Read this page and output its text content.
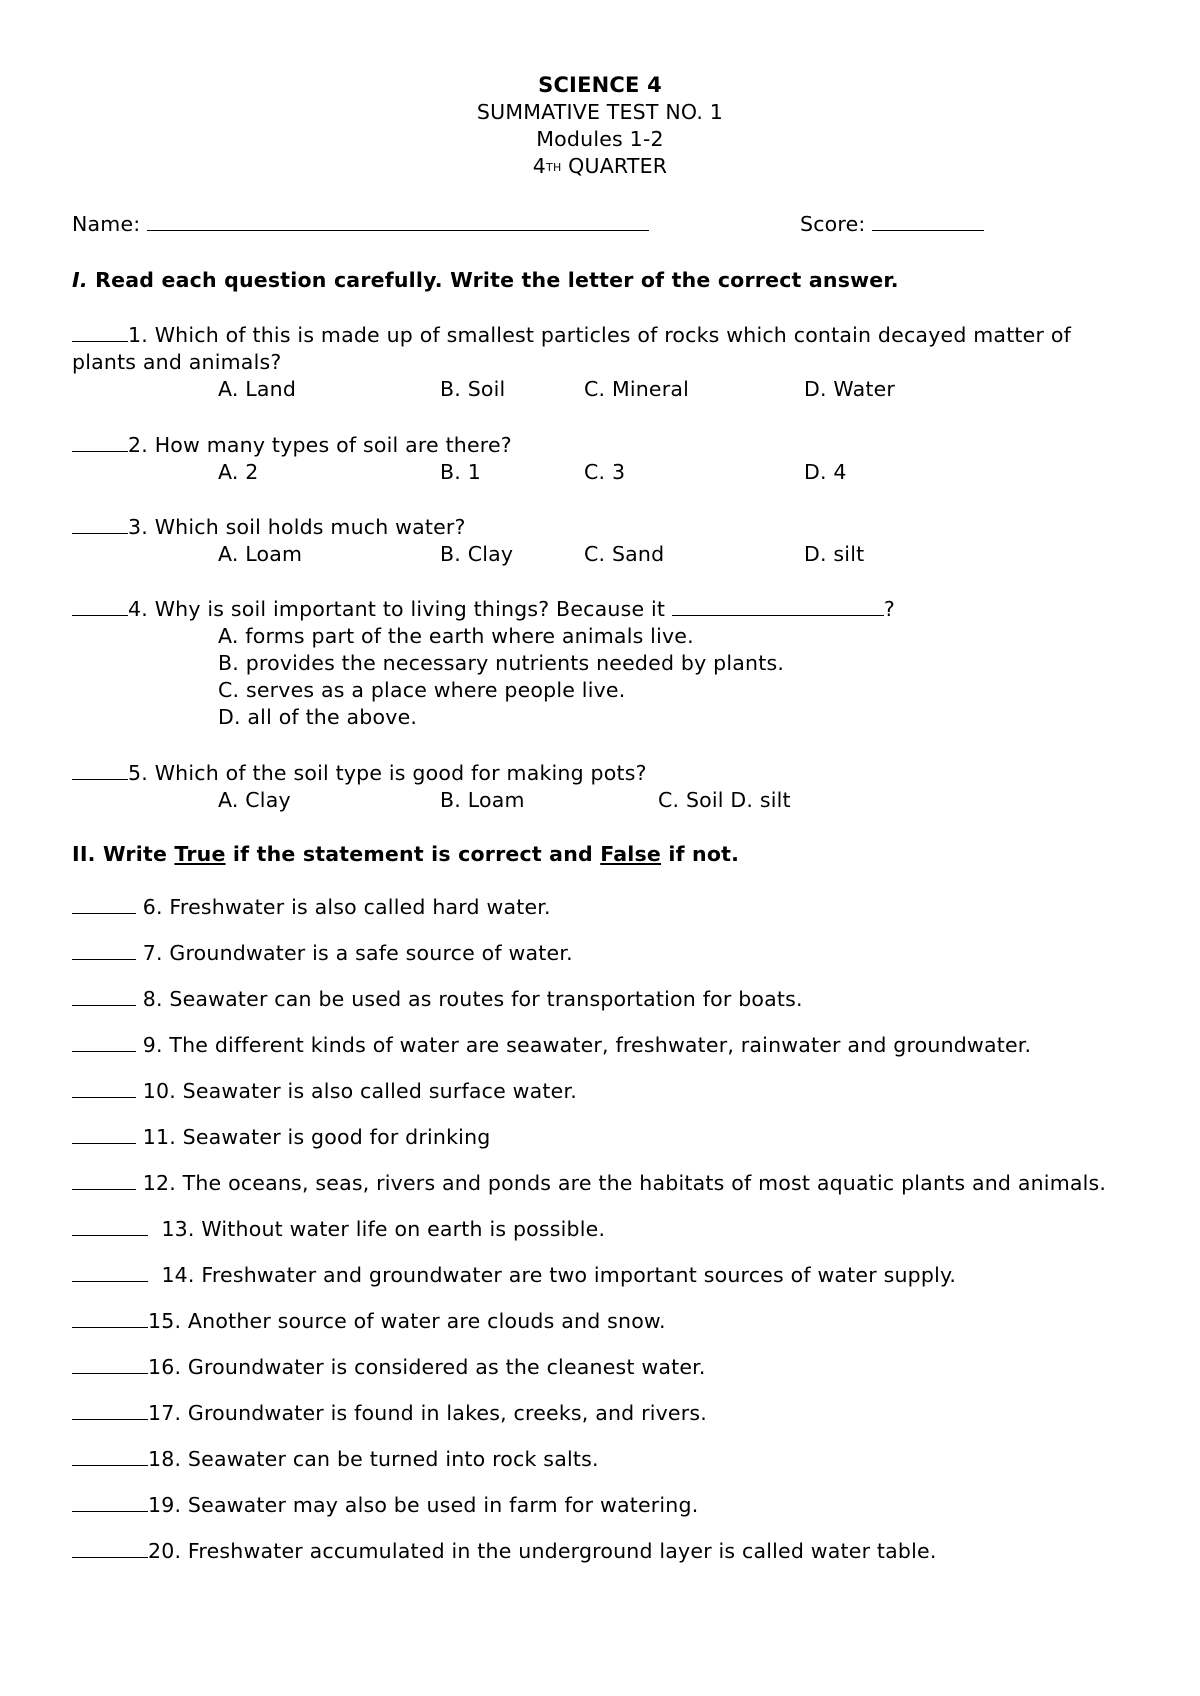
SCIENCE 4
SUMMATIVE TEST NO. 1
Modules 1-2
4TH QUARTER
Name:	Score:
I. Read each question carefully. Write the letter of the correct answer.
1. Which of this is made up of smallest particles of rocks which contain decayed matter of plants and animals?
A. Land	B. Soil	C. Mineral	D. Water
2. How many types of soil are there?
A. 2	B. 1	C. 3	D. 4
3. Which soil holds much water?
A. Loam	B. Clay	C. Sand	D. silt
4. Why is soil important to living things? Because it	?
A. forms part of the earth where animals live.
B. provides the necessary nutrients needed by plants.
C. serves as a place where people live.
D. all of the above.
5. Which of the soil type is good for making pots?
A. Clay	B. Loam	C. Soil D. silt
II. Write True if the statement is correct and False if not.
6. Freshwater is also called hard water.
7. Groundwater is a safe source of water.
8. Seawater can be used as routes for transportation for boats.
9. The different kinds of water are seawater, freshwater, rainwater and groundwater.
10. Seawater is also called surface water.
11. Seawater is good for drinking
12. The oceans, seas, rivers and ponds are the habitats of most aquatic plants and animals.
13. Without water life on earth is possible.
14. Freshwater and groundwater are two important sources of water supply.
15. Another source of water are clouds and snow.
16. Groundwater is considered as the cleanest water.
17. Groundwater is found in lakes, creeks, and rivers.
18. Seawater can be turned into rock salts.
19. Seawater may also be used in farm for watering.
20. Freshwater accumulated in the underground layer is called water table.
